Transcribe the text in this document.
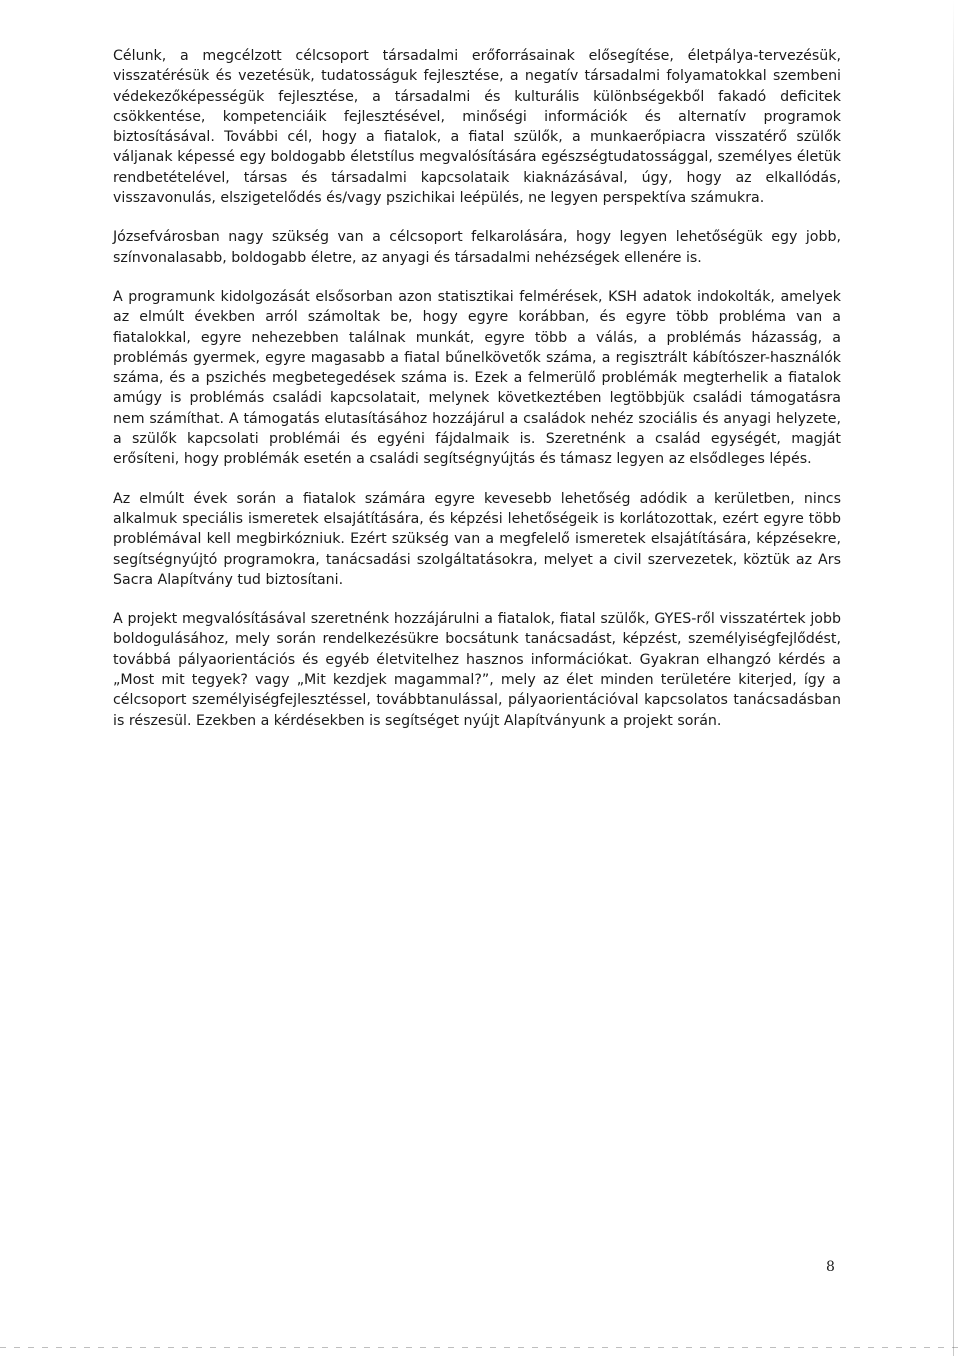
Célunk, a megcélzott célcsoport társadalmi erőforrásainak elősegítése, életpálya-tervezésük, visszatérésük és vezetésük, tudatosságuk fejlesztése, a negatív társadalmi folyamatokkal szembeni védekezőképességük fejlesztése, a társadalmi és kulturális különbségekből fakadó deficitek csökkentése, kompetenciáik fejlesztésével, minőségi információk és alternatív programok biztosításával. További cél, hogy a fiatalok, a fiatal szülők, a munkaerőpiacra visszatérő szülők váljanak képessé egy boldogabb életstílus megvalósítására egészségtudatossággal, személyes életük rendbetételével, társas és társadalmi kapcsolataik kiaknázásával, úgy, hogy az elkallódás, visszavonulás, elszigetelődés és/vagy pszichikai leépülés, ne legyen perspektíva számukra.

Józsefvárosban nagy szükség van a célcsoport felkarolására, hogy legyen lehetőségük egy jobb, színvonalasabb, boldogabb életre, az anyagi és társadalmi nehézségek ellenére is.

A programunk kidolgozását elsősorban azon statisztikai felmérések, KSH adatok indokolták, amelyek az elmúlt években arról számoltak be, hogy egyre korábban, és egyre több probléma van a fiatalokkal, egyre nehezebben találnak munkát, egyre több a válás, a problémás házasság, a problémás gyermek, egyre magasabb a fiatal bűnelkövetők száma, a regisztrált kábítószer-használók száma, és a pszichés megbetegedések száma is. Ezek a felmerülő problémák megterhelik a fiatalok amúgy is problémás családi kapcsolatait, melynek következtében legtöbbjük családi támogatásra nem számíthat. A támogatás elutasításához hozzájárul a családok nehéz szociális és anyagi helyzete, a szülők kapcsolati problémái és egyéni fájdalmaik is. Szeretnénk a család egységét, magját erősíteni, hogy problémák esetén a családi segítségnyújtás és támasz legyen az elsődleges lépés.

Az elmúlt évek során a fiatalok számára egyre kevesebb lehetőség adódik a kerületben, nincs alkalmuk speciális ismeretek elsajátítására, és képzési lehetőségeik is korlátozottak, ezért egyre több problémával kell megbirkózniuk. Ezért szükség van a megfelelő ismeretek elsajátítására, képzésekre, segítségnyújtó programokra, tanácsadási szolgáltatásokra, melyet a civil szervezetek, köztük az Ars Sacra Alapítvány tud biztosítani.

A projekt megvalósításával szeretnénk hozzájárulni a fiatalok, fiatal szülők, GYES-ről visszatértek jobb boldogulásához, mely során rendelkezésükre bocsátunk tanácsadást, képzést, személyiségfejlődést, továbbá pályaorientációs és egyéb életvitelhez hasznos információkat. Gyakran elhangzó kérdés a „Most mit tegyek? vagy „Mit kezdjek magammal?”, mely az élet minden területére kiterjed, így a célcsoport személyiségfejlesztéssel, továbbtanulással, pályaorientációval kapcsolatos tanácsadásban is részesül. Ezekben a kérdésekben is segítséget nyújt Alapítványunk a projekt során.

8
